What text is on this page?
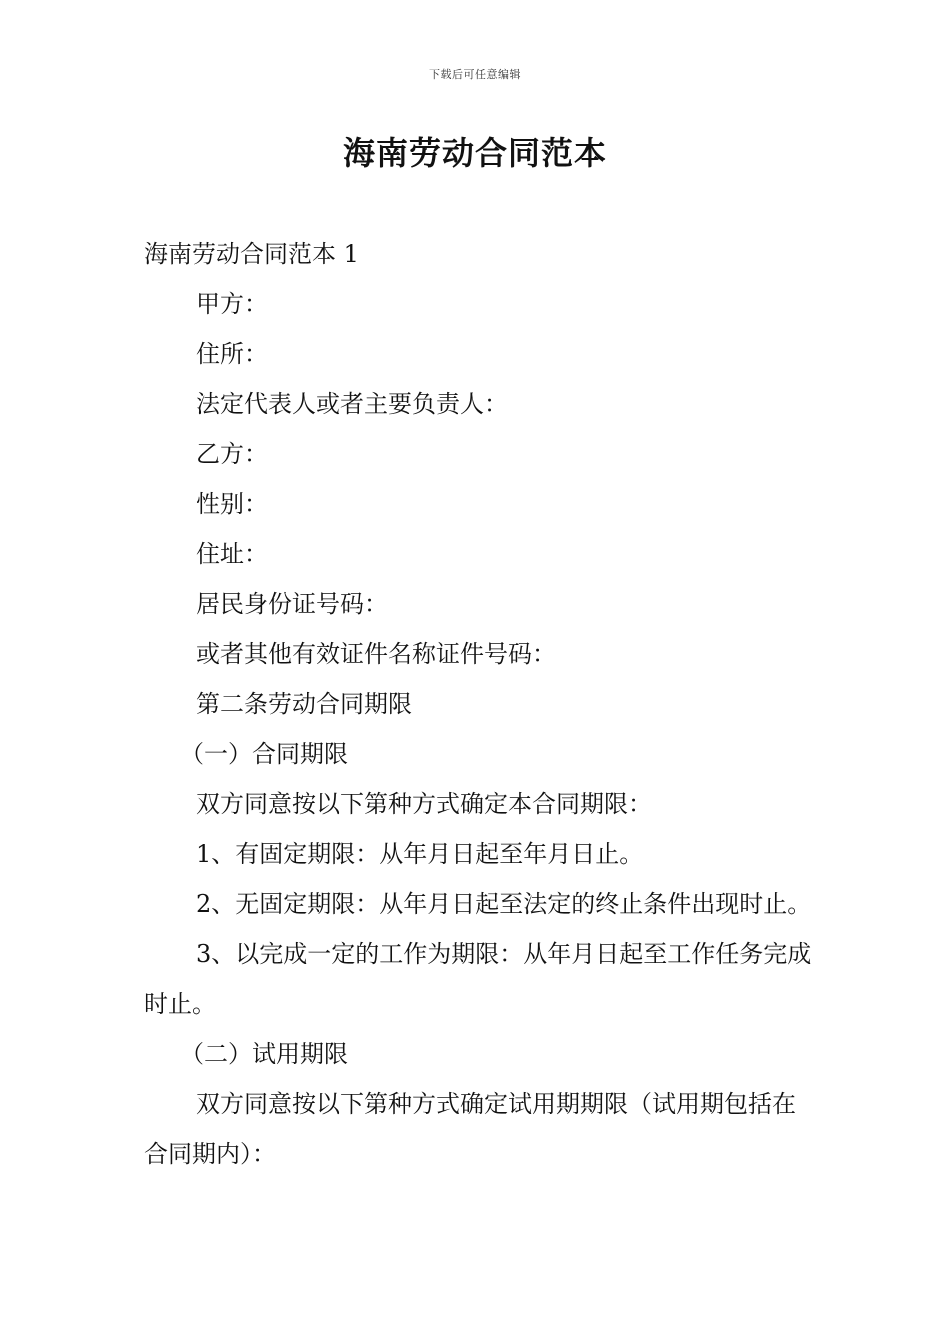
下载后可任意编辑
海南劳动合同范本

海南劳动合同范本 1

甲方：

住所：

法定代表人或者主要负责人：

乙方：

性别：

住址：

居民身份证号码：

或者其他有效证件名称证件号码：

第二条劳动合同期限

（一）合同期限

双方同意按以下第种方式确定本合同期限：

1、有固定期限：从年月日起至年月日止。

2、无固定期限：从年月日起至法定的终止条件出现时止。

3、以完成一定的工作为期限：从年月日起至工作任务完成时止。

（二）试用期限

双方同意按以下第种方式确定试用期期限（试用期包括在合同期内）：
